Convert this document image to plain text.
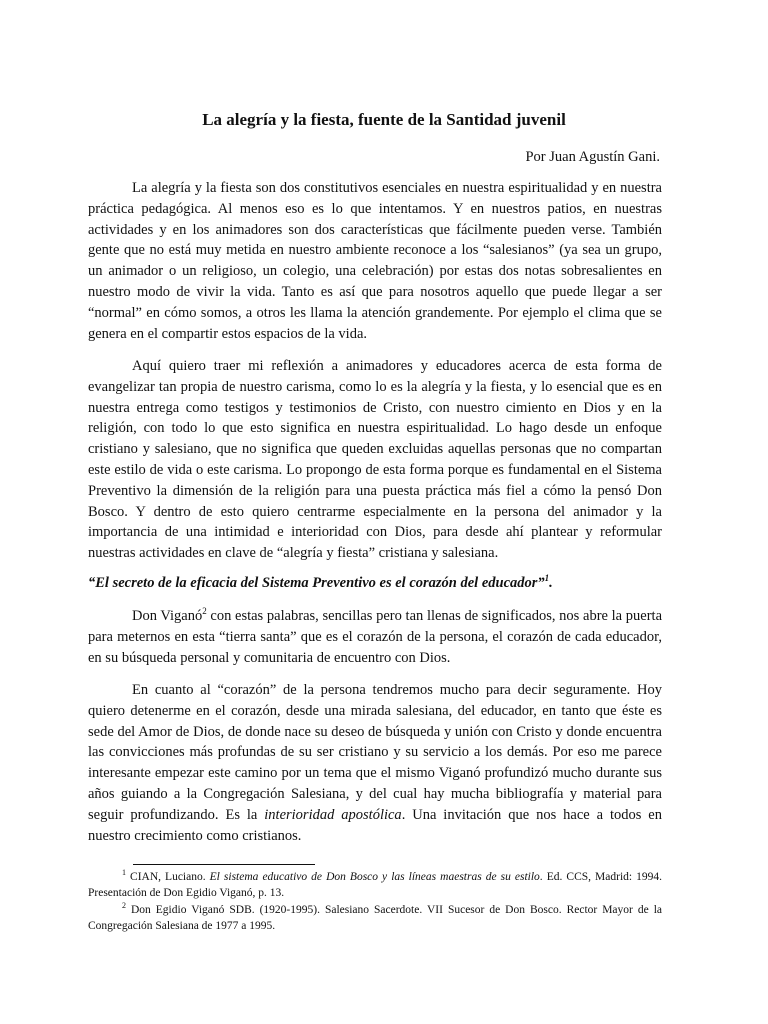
La alegría y la fiesta, fuente de la Santidad juvenil

Por Juan Agustín Gani.

La alegría y la fiesta son dos constitutivos esenciales en nuestra espiritualidad y en nuestra práctica pedagógica. Al menos eso es lo que intentamos. Y en nuestros patios, en nuestras actividades y en los animadores son dos características que fácilmente pueden verse. También gente que no está muy metida en nuestro ambiente reconoce a los “salesianos” (ya sea un grupo, un animador o un religioso, un colegio, una celebración) por estas dos notas sobresalientes en nuestro modo de vivir la vida. Tanto es así que para nosotros aquello que puede llegar a ser “normal” en cómo somos, a otros les llama la atención grandemente. Por ejemplo el clima que se genera en el compartir estos espacios de la vida.

Aquí quiero traer mi reflexión a animadores y educadores acerca de esta forma de evangelizar tan propia de nuestro carisma, como lo es la alegría y la fiesta, y lo esencial que es en nuestra entrega como testigos y testimonios de Cristo, con nuestro cimiento en Dios y en la religión, con todo lo que esto significa en nuestra espiritualidad. Lo hago desde un enfoque cristiano y salesiano, que no significa que queden excluidas aquellas personas que no compartan este estilo de vida o este carisma. Lo propongo de esta forma porque es fundamental en el Sistema Preventivo la dimensión de la religión para una puesta práctica más fiel a cómo la pensó Don Bosco. Y dentro de esto quiero centrarme especialmente en la persona del animador y la importancia de una intimidad e interioridad con Dios, para desde ahí plantear y reformular nuestras actividades en clave de “alegría y fiesta” cristiana y salesiana.

“El secreto de la eficacia del Sistema Preventivo es el corazón del educador”$^1$.

Don Viganó$^2$ con estas palabras, sencillas pero tan llenas de significados, nos abre la puerta para meternos en esta “tierra santa” que es el corazón de la persona, el corazón de cada educador, en su búsqueda personal y comunitaria de encuentro con Dios.

En cuanto al “corazón” de la persona tendremos mucho para decir seguramente. Hoy quiero detenerme en el corazón, desde una mirada salesiana, del educador, en tanto que éste es sede del Amor de Dios, de donde nace su deseo de búsqueda y unión con Cristo y donde encuentra las convicciones más profundas de su ser cristiano y su servicio a los demás. Por eso me parece interesante empezar este camino por un tema que el mismo Viganó profundizó mucho durante sus años guiando a la Congregación Salesiana, y del cual hay mucha bibliografía y material para seguir profundizando. Es la interioridad apostólica. Una invitación que nos hace a todos en nuestro crecimiento como cristianos.

$^1$ CIAN, Luciano. El sistema educativo de Don Bosco y las líneas maestras de su estilo. Ed. CCS, Madrid: 1994. Presentación de Don Egidio Viganó, p. 13.

$^2$ Don Egidio Viganó SDB. (1920-1995). Salesiano Sacerdote. VII Sucesor de Don Bosco. Rector Mayor de la Congregación Salesiana de 1977 a 1995.
